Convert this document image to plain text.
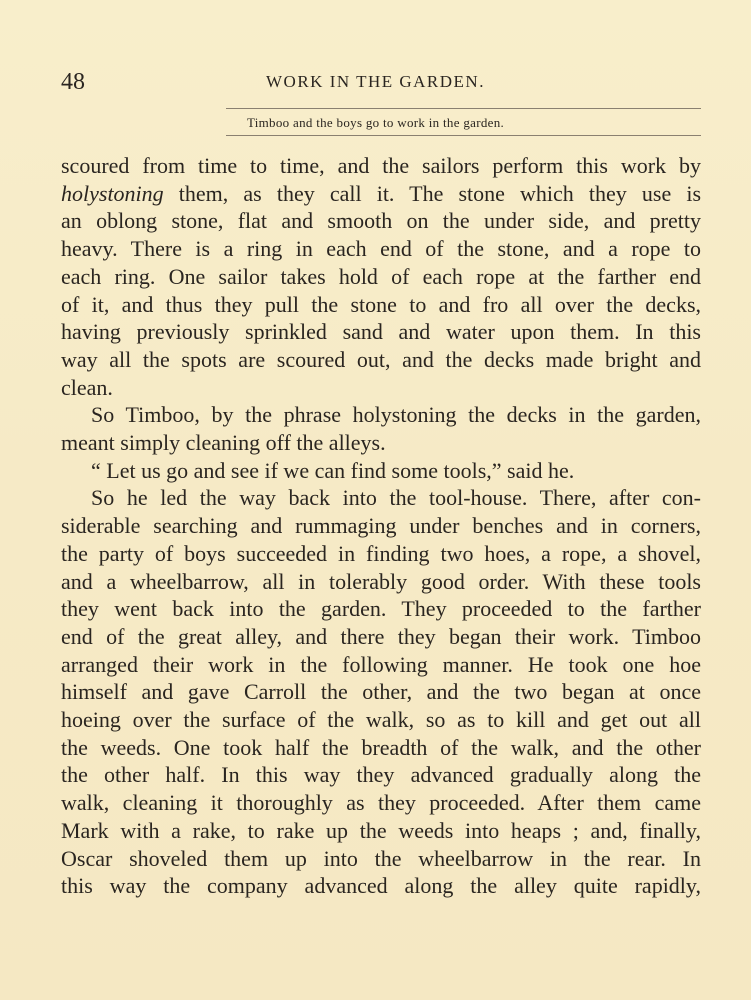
48	WORK IN THE GARDEN.
Timboo and the boys go to work in the garden.
scoured from time to time, and the sailors perform this work by
holystoning them, as they call it. The stone which they use is
an oblong stone, flat and smooth on the under side, and pretty
heavy. There is a ring in each end of the stone, and a rope to
each ring. One sailor takes hold of each rope at the farther end
of it, and thus they pull the stone to and fro all over the decks,
having previously sprinkled sand and water upon them. In this
way all the spots are scoured out, and the decks made bright and
clean.
So Timboo, by the phrase holystoning the decks in the garden,
meant simply cleaning off the alleys.
“ Let us go and see if we can find some tools,” said he.
So he led the way back into the tool-house. There, after con-
siderable searching and rummaging under benches and in corners,
the party of boys succeeded in finding two hoes, a rope, a shovel,
and a wheelbarrow, all in tolerably good order. With these tools
they went back into the garden. They proceeded to the farther
end of the great alley, and there they began their work. Timboo
arranged their work in the following manner. He took one hoe
himself and gave Carroll the other, and the two began at once
hoeing over the surface of the walk, so as to kill and get out all
the weeds. One took half the breadth of the walk, and the other
the other half. In this way they advanced gradually along the
walk, cleaning it thoroughly as they proceeded. After them came
Mark with a rake, to rake up the weeds into heaps ; and, finally,
Oscar shoveled them up into the wheelbarrow in the rear. In
this way the company advanced along the alley quite rapidly,
